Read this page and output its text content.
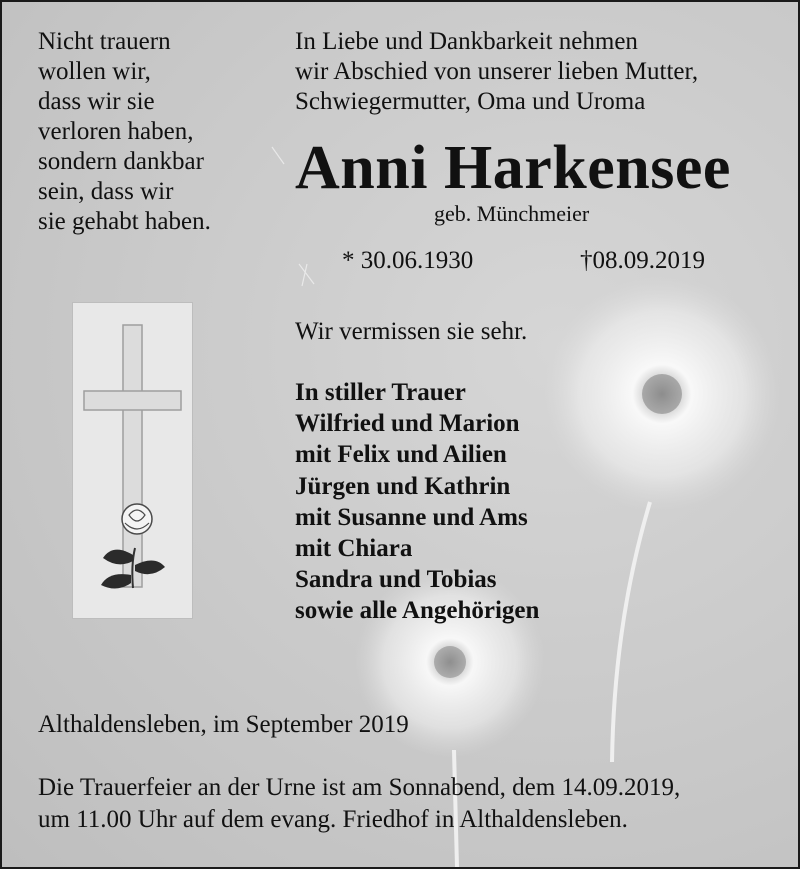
Nicht trauern
wollen wir,
dass wir sie
verloren haben,
sondern dankbar
sein, dass wir
sie gehabt haben.
In Liebe und Dankbarkeit nehmen
wir Abschied von unserer lieben Mutter,
Schwiegermutter, Oma und Uroma
Anni Harkensee
geb. Münchmeier
* 30.06.1930	†08.09.2019
Wir vermissen sie sehr.
In stiller Trauer
Wilfried und Marion
mit Felix und Ailien
Jürgen und Kathrin
mit Susanne und Ams
mit Chiara
Sandra und Tobias
sowie alle Angehörigen
Althaldensleben, im September 2019
Die Trauerfeier an der Urne ist am Sonnabend, dem 14.09.2019,
um 11.00 Uhr auf dem evang. Friedhof in Althaldensleben.
